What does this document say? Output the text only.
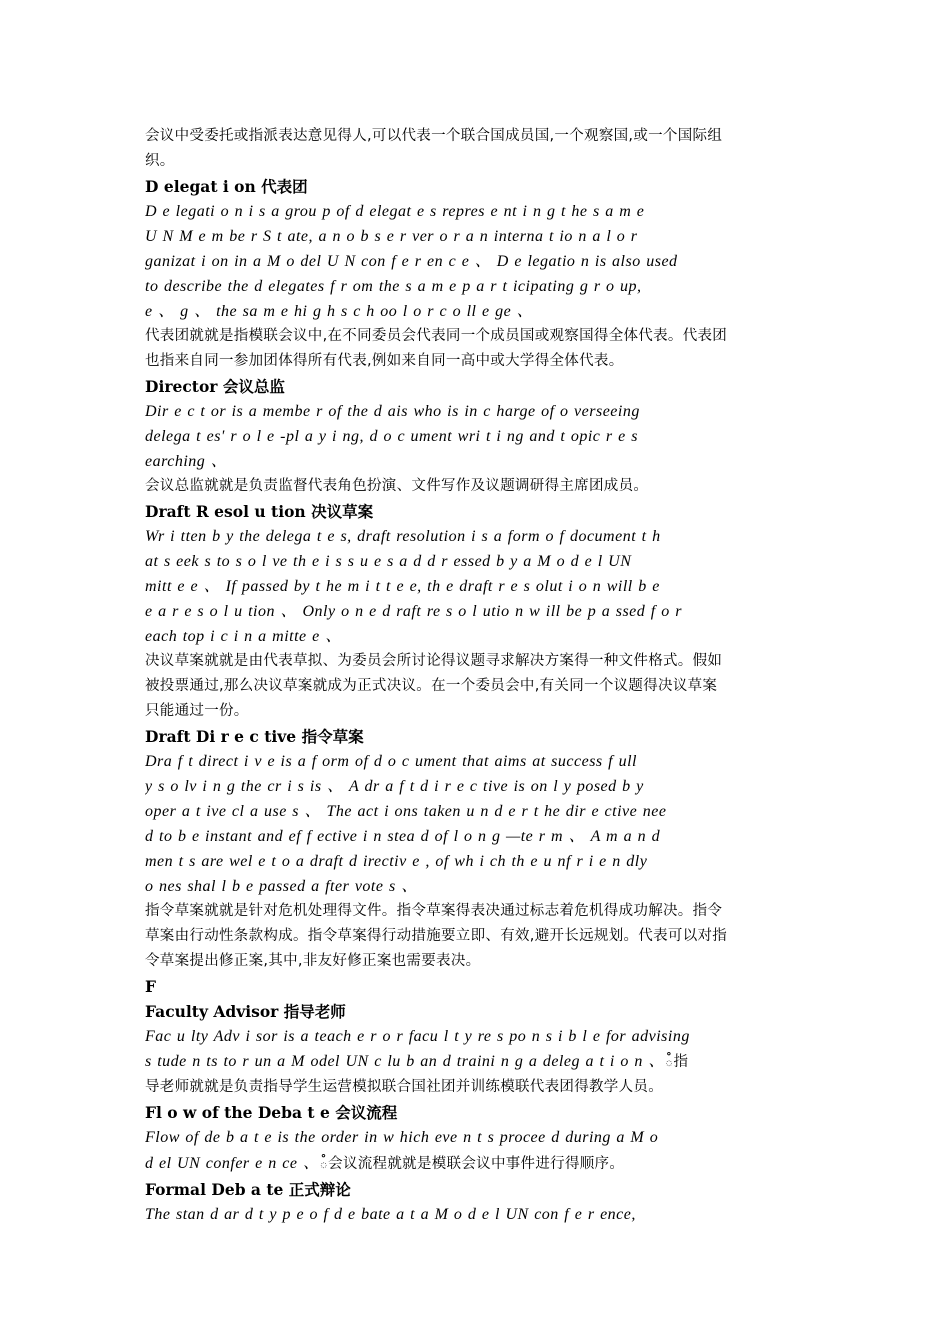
会议中受委托或指派表达意见得人,可以代表一个联合国成员国,一个观察国,或一个国际组
织。
D elegat i on 代表团
D e legati o n i s a grou p of d elegat e s repres e nt i n g t he s a m e
U N M e m be r S t ate, a n o b s e r ver o r a n interna t io n a l o r
ganizat i on in a M o del U N con f e r en c e 、 D e legatio n is also used
to describe the d elegates f r om the s a m e p a r t icipating g r o up,
e 、 g 、 the sa m e hi g h s c h oo l o r c o ll e ge 、
代表团就就是指模联会议中,在不同委员会代表同一个成员国或观察国得全体代表。代表团
也指来自同一参加团体得所有代表,例如来自同一高中或大学得全体代表。
Director 会议总监
Dir e c t or is a membe r of the d ais who is in c harge of o verseeing
delega t es' r o l e -pl a y i ng, d o c ument wri t i ng and t opic r e s
earching 、
会议总监就就是负责监督代表角色扮演、文件写作及议题调研得主席团成员。
Draft R esol u tion 决议草案
Wr i tten b y the delega t e s, draft resolution i s a form o f document t h
at s eek s to s o l ve th e i s s u e s a d d r essed b y a M o d e l UN
mitt e e 、 If passed by t he m i t t e e, th e draft r e s olut i o n will b e
e a r e s o l u tion 、 Only o n e d raft re s o l utio n w ill be p a ssed f o r
each top i c i n a mitte e 、
决议草案就就是由代表草拟、为委员会所讨论得议题寻求解决方案得一种文件格式。假如
被投票通过,那么决议草案就成为正式决议。在一个委员会中,有关同一个议题得决议草案
只能通过一份。
Draft Di r e c tive 指令草案
Dra f t direct i v e is a f orm of d o c ument that aims at success f ull
y s o lv i n g the cr i s is 、 A dr a f t d i r e c tive is on l y posed b y
oper a t ive cl a use s 、 The act i ons taken u n d e r t he dir e ctive nee
d to b e instant and ef f ective i n stea d of l o n g —te r m 、 A m a n d
men t s are wel e t o a draft d irectiv e , of wh i ch th e u nf r i e n dly
o nes shal l b e passed a fter vote s 、
指令草案就就是针对危机处理得文件。指令草案得表决通过标志着危机得成功解决。指令
草案由行动性条款构成。指令草案得行动措施要立即、有效,避开长远规划。代表可以对指
令草案提出修正案,其中,非友好修正案也需要表决。
F
Faculty Advisor 指导老师
Fac u lty Adv i sor is a teach e r o r facu l t y re s po n s i b l e for advising
s tude n ts to r un a M odel UN c lu b an d traini n g a deleg a t i o n 、ఄ指
导老师就就是负责指导学生运营模拟联合国社团并训练模联代表团得教学人员。
Fl o w of the Deba t e 会议流程
Flow of de b a t e is the order in w hich eve n t s procee d during a M o
d el UN confer e n ce 、ఄ会议流程就就是模联会议中事件进行得顺序。
Formal Deb a te 正式辩论
The stan d ar d t y p e o f d e bate a t a M o d e l UN con f e r ence,
